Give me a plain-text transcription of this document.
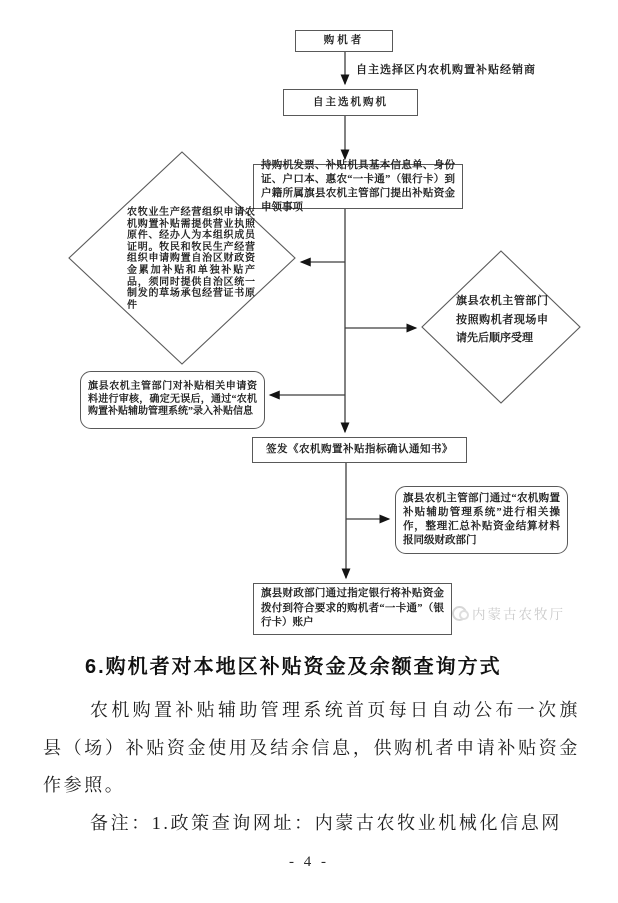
购机者
自主选择区内农机购置补贴经销商
自主选机购机
持购机发票、补贴机具基本信息单、身份证、户口本、惠农“一卡通”（银行卡）到户籍所属旗县农机主管部门提出补贴资金申领事项
农牧业生产经营组织申请农机购置补贴需提供营业执照原件、经办人为本组织成员证明。牧民和牧民生产经营组织申请购置自治区财政资金累加补贴和单独补贴产品，须同时提供自治区统一制发的草场承包经营证书原件	旗县农机主管部门按照购机者现场申请先后顺序受理
旗县农机主管部门对补贴相关申请资料进行审核，确定无误后，通过“农机购置补贴辅助管理系统”录入补贴信息
签发《农机购置补贴指标确认通知书》
旗县农机主管部门通过“农机购置补贴辅助管理系统”进行相关操作，整理汇总补贴资金结算材料报同级财政部门
旗县财政部门通过指定银行将补贴资金拨付到符合要求的购机者“一卡通”（银行卡）账户
内蒙古农牧厅
6.购机者对本地区补贴资金及余额查询方式
农机购置补贴辅助管理系统首页每日自动公布一次旗县（场）补贴资金使用及结余信息，供购机者申请补贴资金作参照。
备注：1.政策查询网址：内蒙古农牧业机械化信息网
- 4 -
